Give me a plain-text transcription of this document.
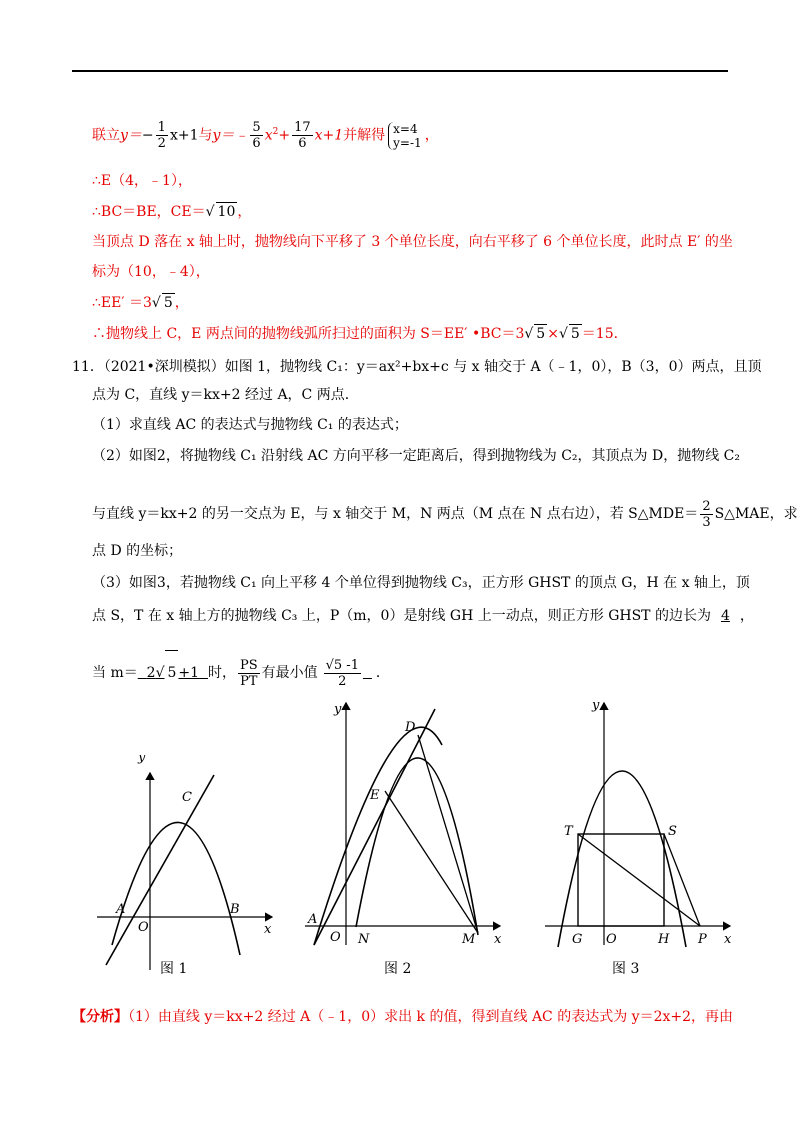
联立$y=- \frac{1}{2} x+1$与y＝﹣ $\frac{5}{6} x^2+ \frac{17}{6} x+1$并解得 x=4
y=-1 ，
∴E（4，﹣1），
∴BC＝BE，CE＝√ 10 ，
当顶点 D 落在 x 轴上时，抛物线向下平移了 3 个单位长度，向右平移了 6 个单位长度，此时点 E′ 的坐
标为（10，﹣4），
∴EE′ ＝3√ 5 ，
∴抛物线上 C，E 两点间的抛物线弧所扫过的面积为 S＝EE′ •BC＝3√ 5 ×√ 5 ＝15．
11．（2021•深圳模拟）如图 1，抛物线 C₁：y＝ax²+bx+c 与 x 轴交于 A（﹣1，0），B（3，0）两点，且顶
点为 C，直线 y＝kx+2 经过 A，C 两点．
（1）求直线 AC 的表达式与抛物线 C₁ 的表达式；
（2）如图2，将抛物线 C₁ 沿射线 AC 方向平移一定距离后，得到抛物线为 C₂，其顶点为 D，抛物线 C₂
与直线 y＝kx+2 的另一交点为 E，与 x 轴交于 M，N 两点（M 点在 N 点右边），若 S△MDE＝ $\frac{2}{3}$ S△MAE，求
点 D 的坐标；
（3）如图3，若抛物线 C₁ 向上平移 4 个单位得到抛物线 C₃，正方形 GHST 的顶点 G，H 在 x 轴上，顶
点 S，T 在 x 轴上方的抛物线 C₃ 上，P（m，0）是射线 GH 上一动点，则正方形 GHST 的边长为 4 ，
当 m＝ 2√ 5 +1 时， $\frac{PS}{PT}$ 有最小值 $\frac{√5 -1}{2}$ ．
y
x
O
A	B
C
图 1
y
x
O
A
N	M
D
E
图 2
y
x
O
G	H P
S
T
图 3
【分析】（1）由直线 y＝kx+2 经过 A（﹣1，0）求出 k 的值，得到直线 AC 的表达式为 y＝2x+2，再由
